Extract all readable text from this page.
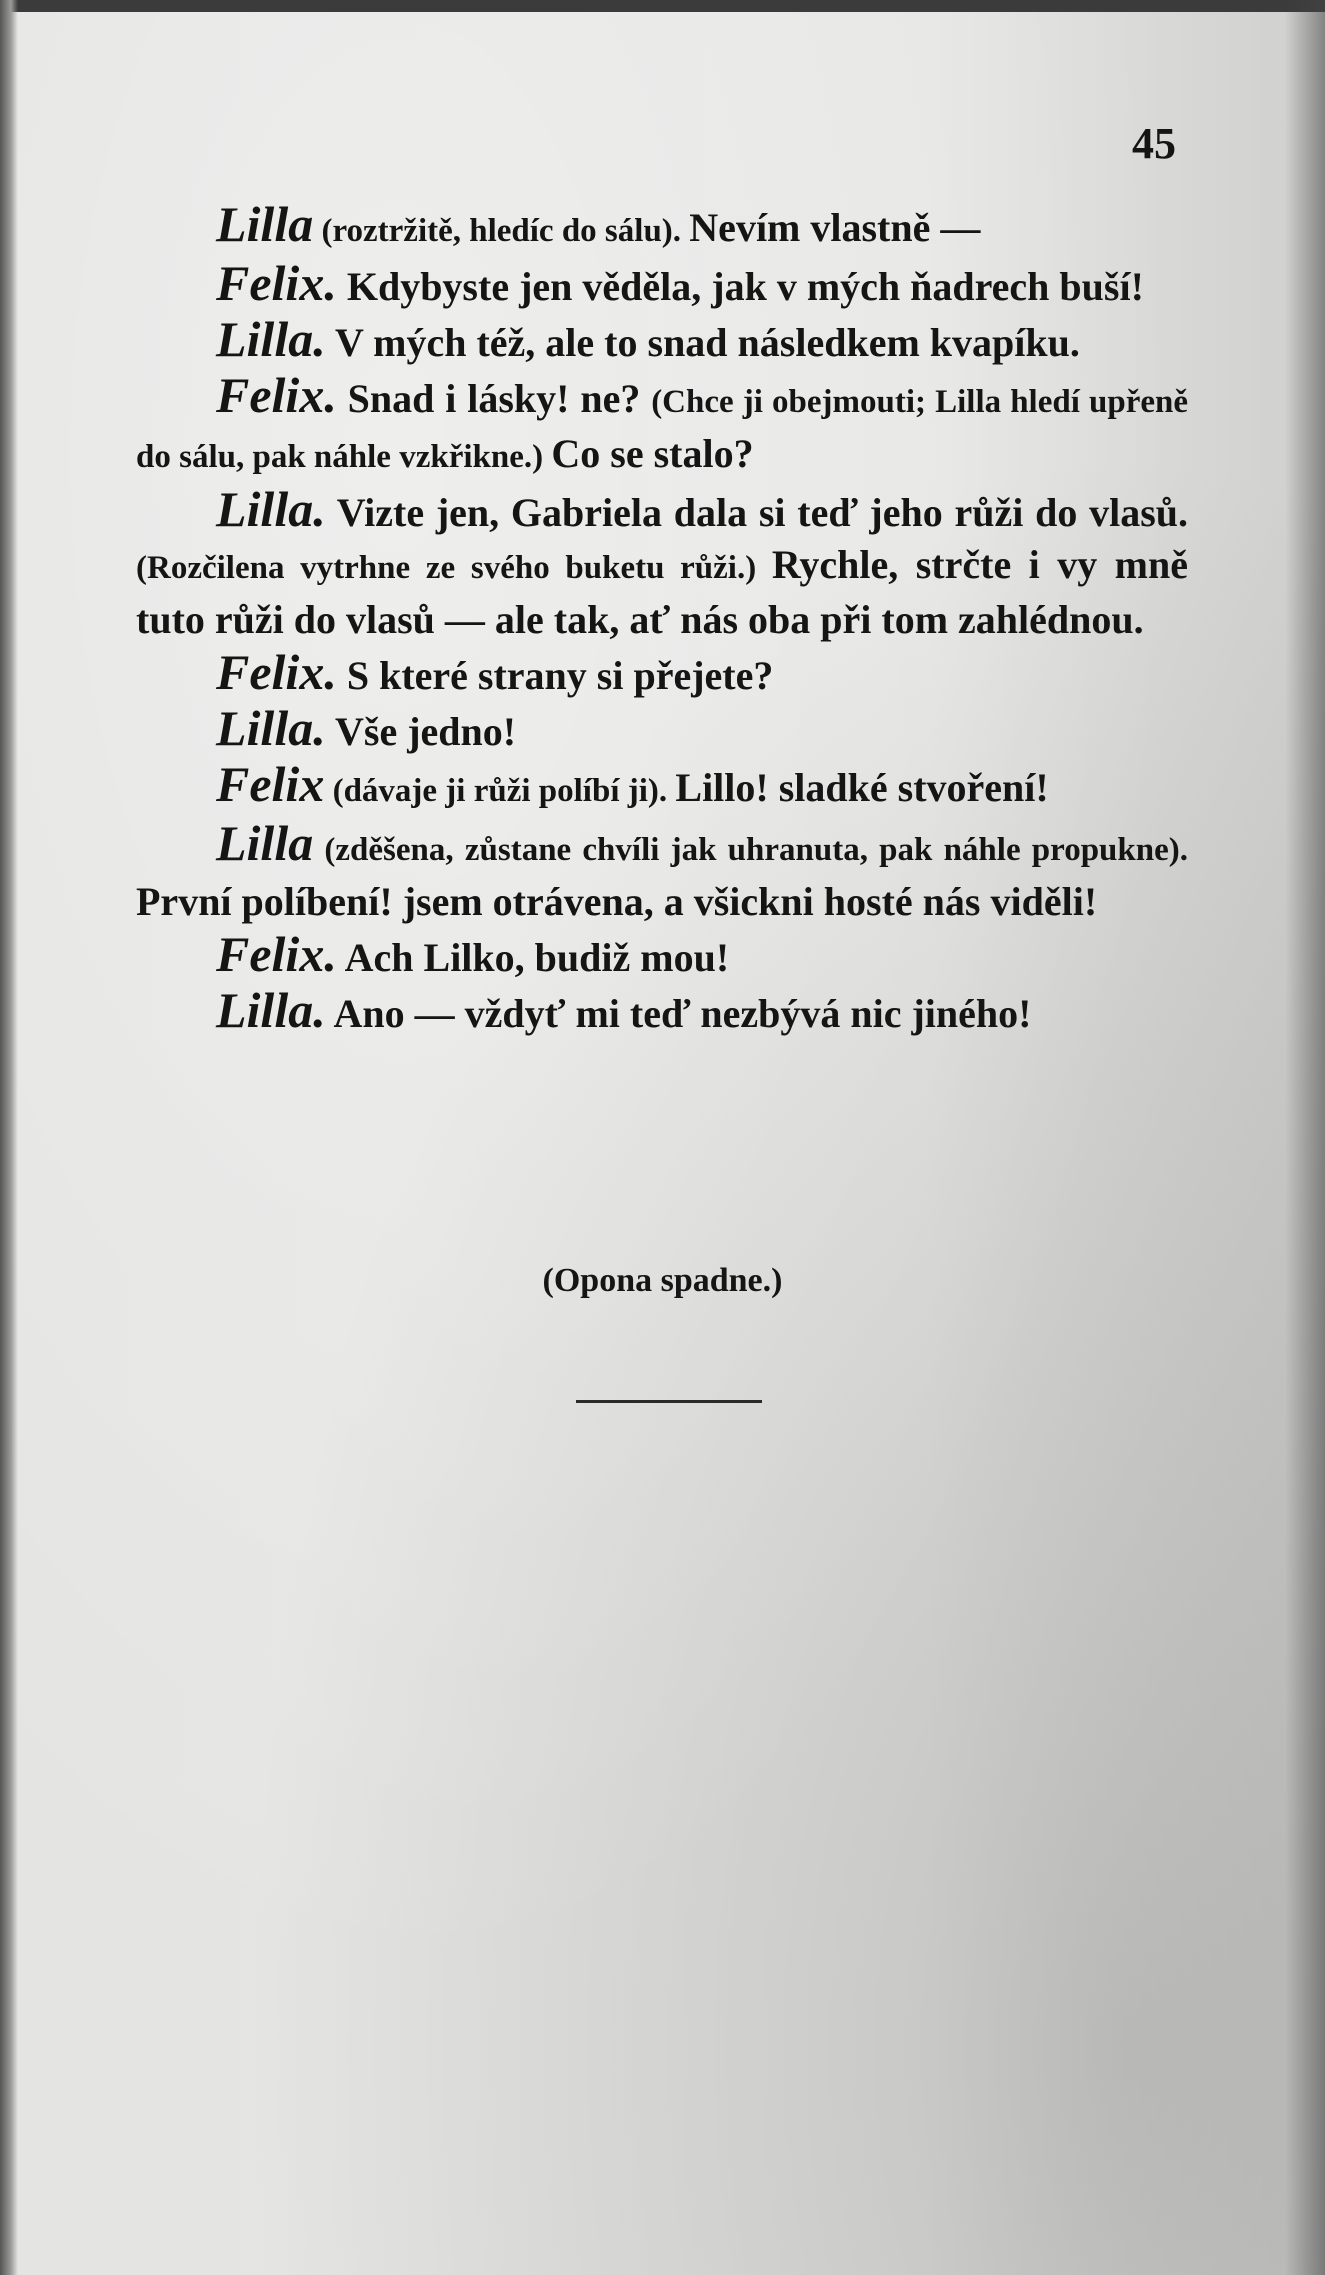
45

Lilla (roztržitě, hledíc do sálu). Nevím vlastně —

Felix. Kdybyste jen věděla, jak v mých ňadrech buší!

Lilla. V mých též, ale to snad následkem kvapíku.

Felix. Snad i lásky! ne? (Chce ji obejmouti; Lilla hledí upřeně do sálu, pak náhle vzkřikne.) Co se stalo?

Lilla. Vizte jen, Gabriela dala si teď jeho růži do vlasů. (Rozčilena vytrhne ze svého buketu růži.) Rychle, strčte i vy mně tuto růži do vlasů — ale tak, ať nás oba při tom zahlédnou.

Felix. S které strany si přejete?

Lilla. Vše jedno!

Felix (dávaje ji růži políbí ji). Lillo! sladké stvoření!

Lilla (zděšena, zůstane chvíli jak uhranuta, pak náhle propukne). První políbení! jsem otrávena, a všickni hosté nás viděli!

Felix. Ach Lilko, budiž mou!

Lilla. Ano — vždyť mi teď nezbývá nic jiného!

(Opona spadne.)
